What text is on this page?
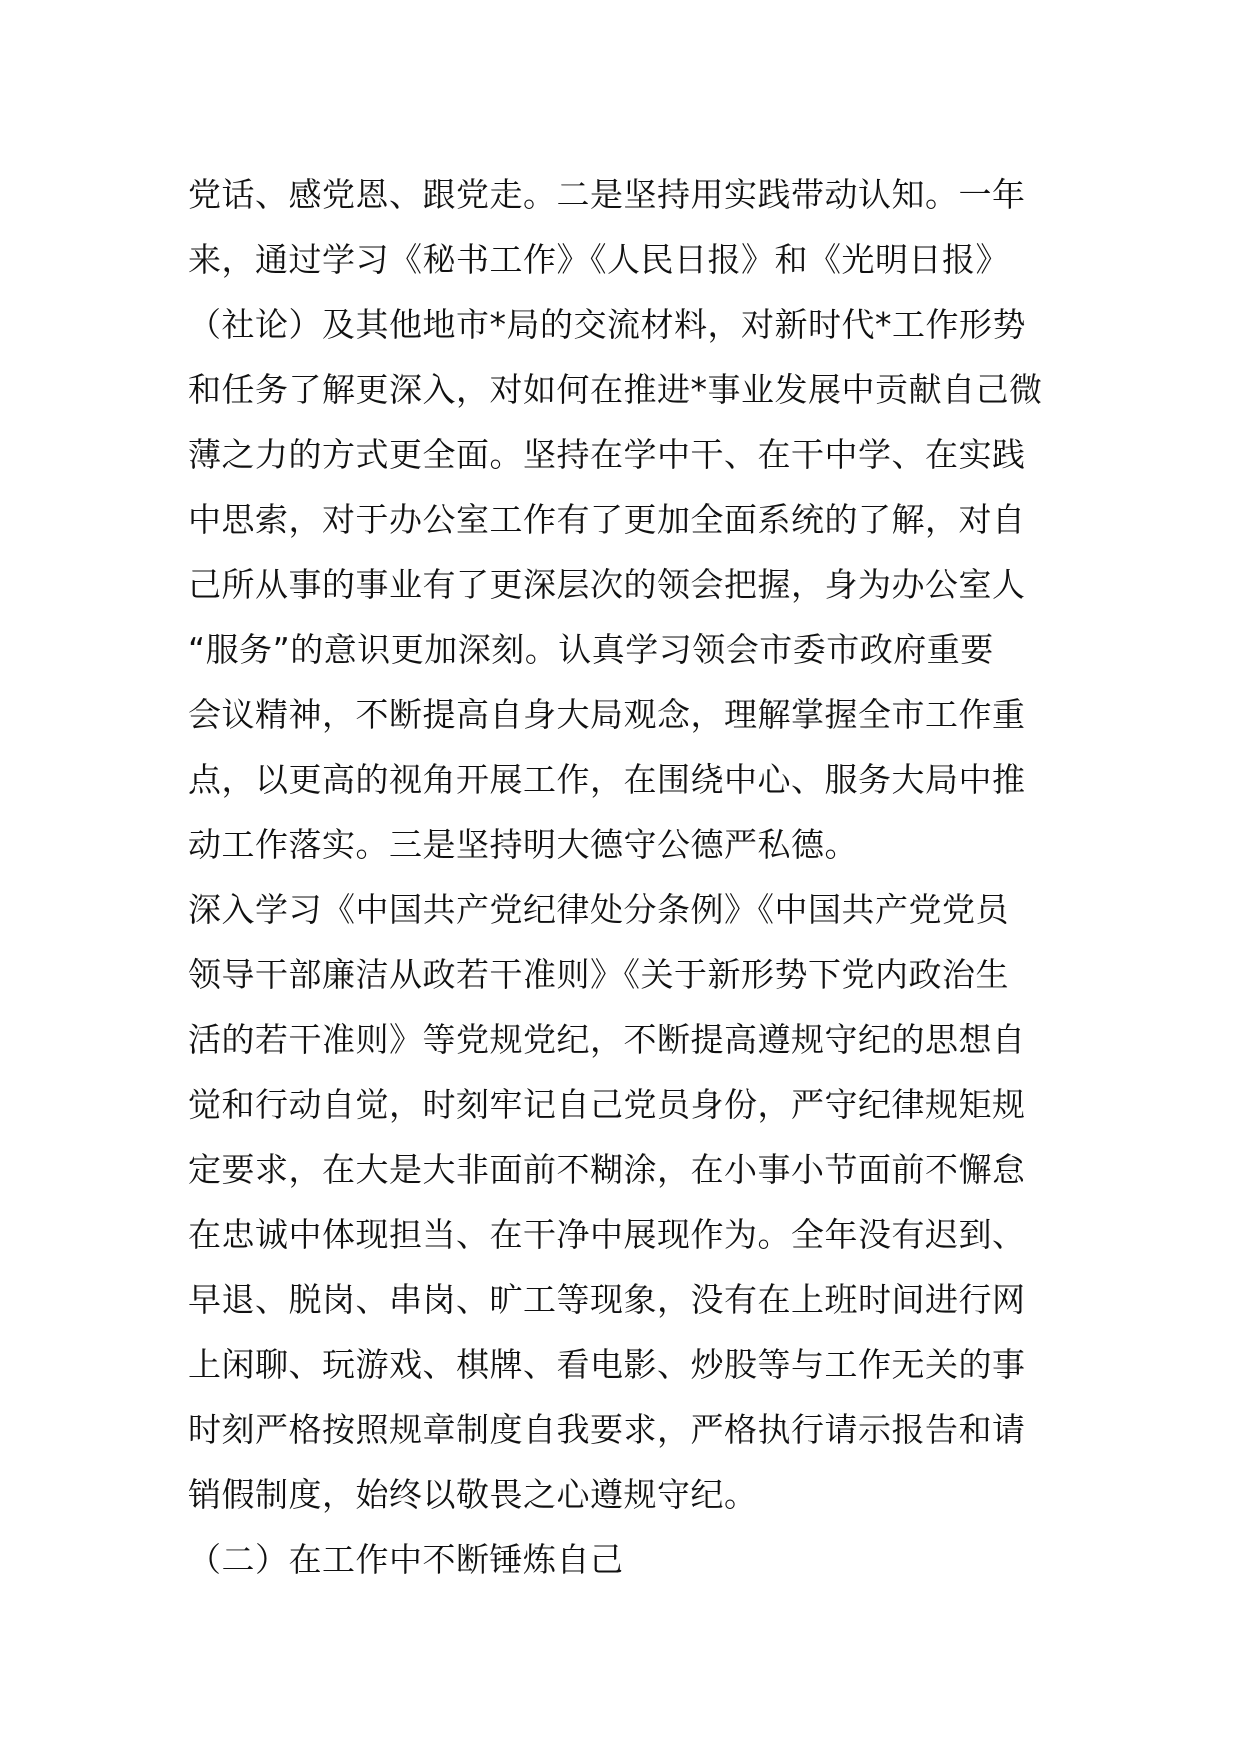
党话、感党恩、跟党走。二是坚持用实践带动认知。一年
来，通过学习《秘书工作》《人民日报》和《光明日报》
（社论）及其他地市*局的交流材料，对新时代*工作形势
和任务了解更深入，对如何在推进*事业发展中贡献自己微
薄之力的方式更全面。坚持在学中干、在干中学、在实践
中思索，对于办公室工作有了更加全面系统的了解，对自
己所从事的事业有了更深层次的领会把握，身为办公室人
“服务”的意识更加深刻。认真学习领会市委市政府重要
会议精神，不断提高自身大局观念，理解掌握全市工作重
点，以更高的视角开展工作，在围绕中心、服务大局中推
动工作落实。三是坚持明大德守公德严私德。
深入学习《中国共产党纪律处分条例》《中国共产党党员
领导干部廉洁从政若干准则》《关于新形势下党内政治生
活的若干准则》等党规党纪，不断提高遵规守纪的思想自
觉和行动自觉，时刻牢记自己党员身份，严守纪律规矩规
定要求，在大是大非面前不糊涂，在小事小节面前不懈怠
在忠诚中体现担当、在干净中展现作为。全年没有迟到、
早退、脱岗、串岗、旷工等现象，没有在上班时间进行网
上闲聊、玩游戏、棋牌、看电影、炒股等与工作无关的事
时刻严格按照规章制度自我要求，严格执行请示报告和请
销假制度，始终以敬畏之心遵规守纪。
（二）在工作中不断锤炼自己
